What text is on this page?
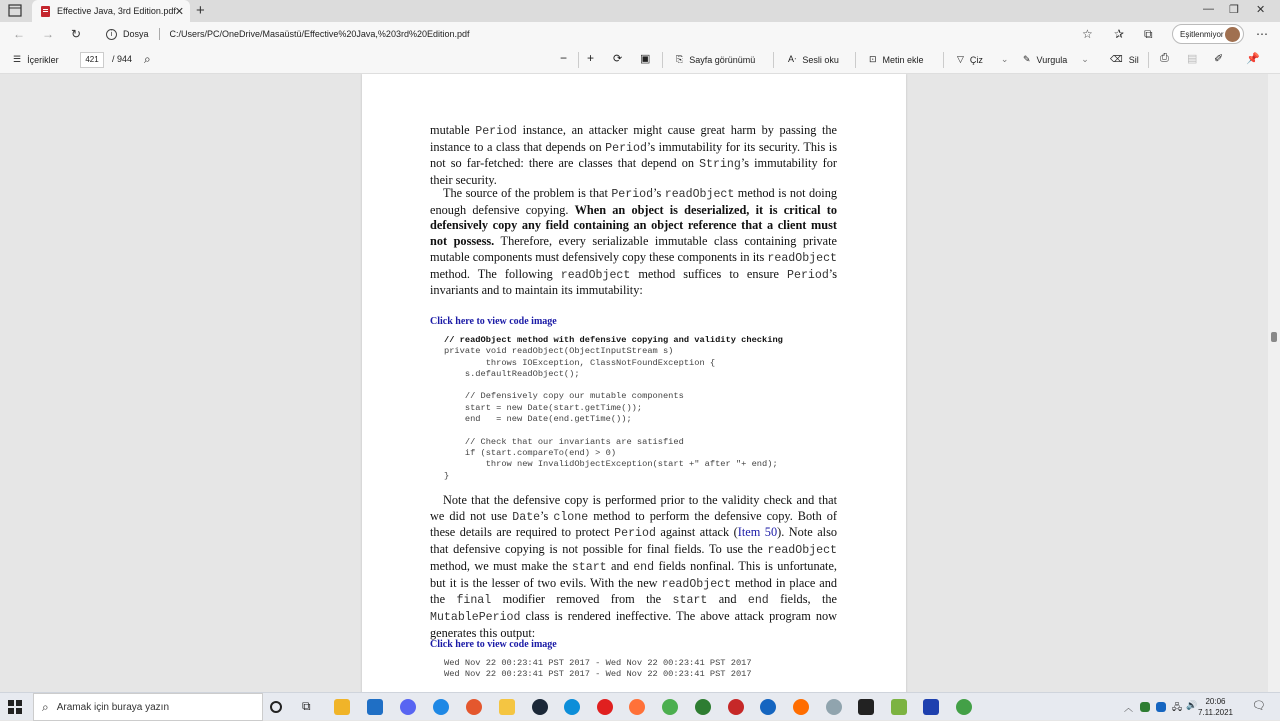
Effective Java, 3rd Edition.pdf
✕ +	— ❐ ✕
← → ↻	i	Dosya C:/Users/PC/OneDrive/Masaüstü/Effective%20Java,%203rd%20Edition.pdf	☆ ✰ ⧉	Eşitlenmiyor	⋯
☰ İçerikler	421	/ 944 ⌕	− + ⟳ ▣	⎘ Sayfa görünümü	Aᐧ Sesli oku	⊡ Metin ekle	▽ Çiz ⌄ ✎ Vurgula ⌄ ⌫ Sil ⎙ ▤ ✐ 📌
mutable Period instance, an attacker might cause great harm by passing the instance to a class that depends on Period’s immutability for its security. This is not so far-fetched: there are classes that depend on String’s immutability for their security.
The source of the problem is that Period’s readObject method is not doing enough defensive copying. When an object is deserialized, it is critical to defensively copy any field containing an object reference that a client must not possess. Therefore, every serializable immutable class containing private mutable components must defensively copy these components in its readObject method. The following readObject method suffices to ensure Period’s invariants and to maintain its immutability:
Click here to view code image
// readObject method with defensive copying and validity checking
private void readObject(ObjectInputStream s)
throws IOException, ClassNotFoundException {
s.defaultReadObject();
// Defensively copy our mutable components
start = new Date(start.getTime());
end   = new Date(end.getTime());
// Check that our invariants are satisfied
if (start.compareTo(end) > 0)
throw new InvalidObjectException(start +" after "+ end);
}
Note that the defensive copy is performed prior to the validity check and that we did not use Date’s clone method to perform the defensive copy. Both of these details are required to protect Period against attack (Item 50). Note also that defensive copying is not possible for final fields. To use the readObject method, we must make the start and end fields nonfinal. This is unfortunate, but it is the lesser of two evils. With the new readObject method in place and the final modifier removed from the start and end fields, the MutablePeriod class is rendered ineffective. The above attack program now generates this output:
Click here to view code image
Wed Nov 22 00:23:41 PST 2017 - Wed Nov 22 00:23:41 PST 2017
Wed Nov 22 00:23:41 PST 2017 - Wed Nov 22 00:23:41 PST 2017
⌕ Aramak için buraya yazın	⧉	︿	🖧 🔊	20:06
7.11.2021
🗨
